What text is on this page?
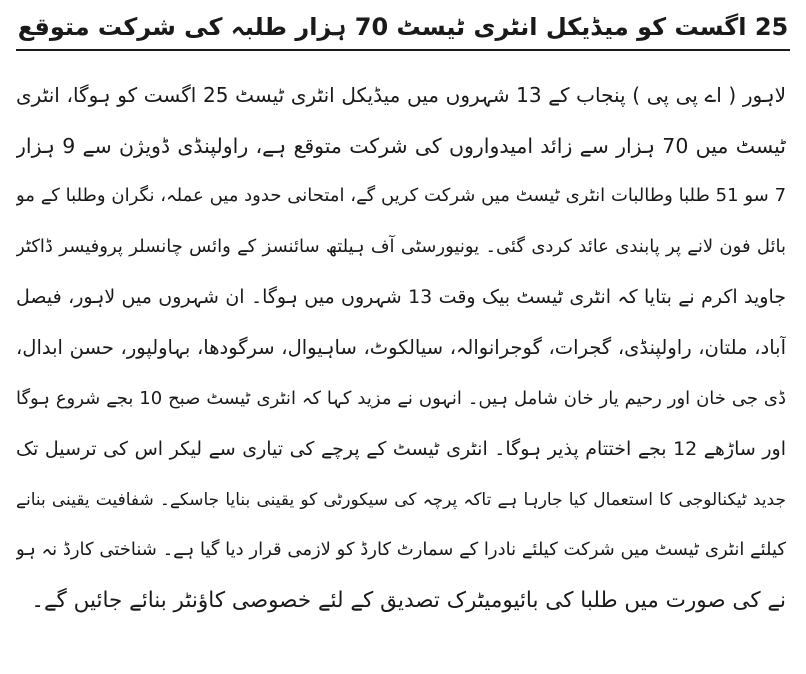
25 اگست کو میڈیکل انٹری ٹیسٹ 70 ہزار طلبہ کی شرکت متوقع
لاہور ( اے پی پی ) پنجاب کے 13 شہروں میں میڈیکل انٹری ٹیسٹ 25 اگست کو ہوگا، انٹری
ٹیسٹ میں 70 ہزار سے زائد امیدواروں کی شرکت متوقع ہے، راولپنڈی ڈویژن سے 9 ہزار
7 سو 51 طلبا وطالبات انٹری ٹیسٹ میں شرکت کریں گے، امتحانی حدود میں عملہ، نگران وطلبا کے مو
بائل فون لانے پر پابندی عائد کردی گئی۔ یونیورسٹی آف ہیلتھ سائنسز کے وائس چانسلر پروفیسر ڈاکٹر
جاوید اکرم نے بتایا کہ انٹری ٹیسٹ بیک وقت 13 شہروں میں ہوگا۔ ان شہروں میں لاہور، فیصل
آباد، ملتان، راولپنڈی، گجرات، گوجرانوالہ، سیالکوٹ، ساہیوال، سرگودھا، بہاولپور، حسن ابدال،
ڈی جی خان اور رحیم یار خان شامل ہیں۔ انہوں نے مزید کہا کہ انٹری ٹیسٹ صبح 10 بجے شروع ہوگا
اور ساڑھے 12 بجے اختتام پذیر ہوگا۔ انٹری ٹیسٹ کے پرچے کی تیاری سے لیکر اس کی ترسیل تک
جدید ٹیکنالوجی کا استعمال کیا جارہا ہے تاکہ پرچہ کی سیکورٹی کو یقینی بنایا جاسکے۔ شفافیت یقینی بنانے
کیلئے انٹری ٹیسٹ میں شرکت کیلئے نادرا کے سمارٹ کارڈ کو لازمی قرار دیا گیا ہے۔ شناختی کارڈ نہ ہو
نے کی صورت میں طلبا کی بائیومیٹرک تصدیق کے لئے خصوصی کاؤنٹر بنائے جائیں گے۔
